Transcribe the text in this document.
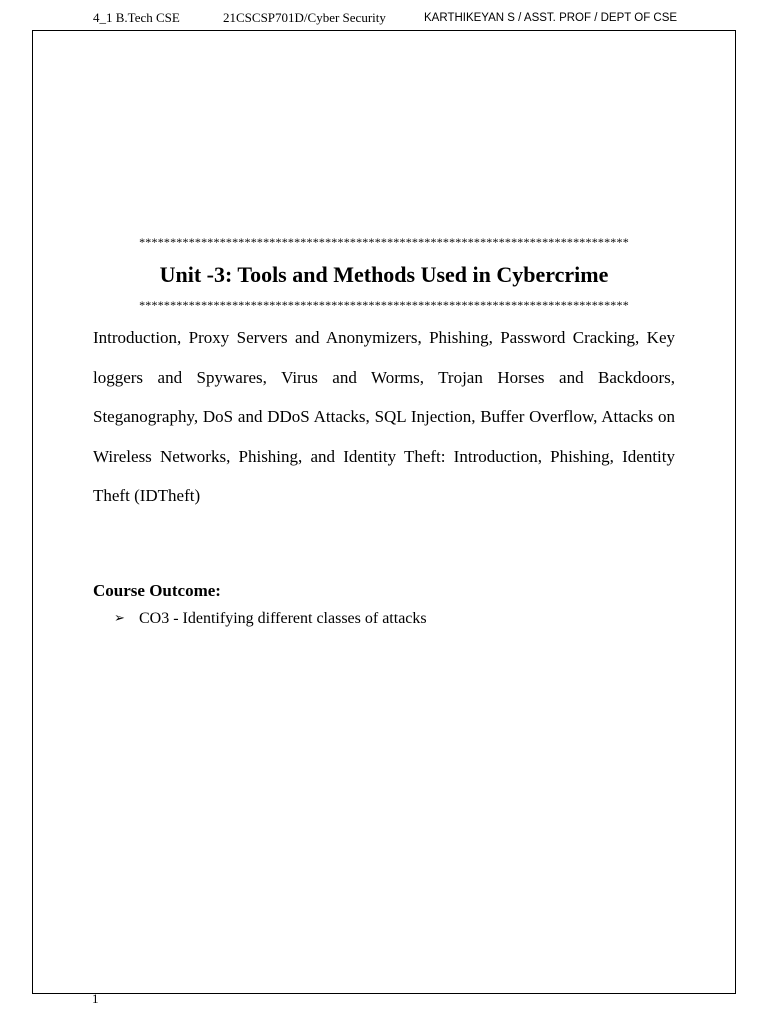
4_1 B.Tech CSE	21CSCSP701D/Cyber Security	KARTHIKEYAN S / ASST. PROF / DEPT OF CSE
*******************************************************************************
Unit -3: Tools and Methods Used in Cybercrime
*******************************************************************************

Introduction, Proxy Servers and Anonymizers, Phishing, Password Cracking, Key loggers and Spywares, Virus and Worms, Trojan Horses and Backdoors, Steganography, DoS and DDoS Attacks, SQL Injection, Buffer Overflow, Attacks on Wireless Networks, Phishing, and Identity Theft: Introduction, Phishing, Identity Theft (IDTheft)

Course Outcome:
➢ CO3 - Identifying different classes of attacks
1
